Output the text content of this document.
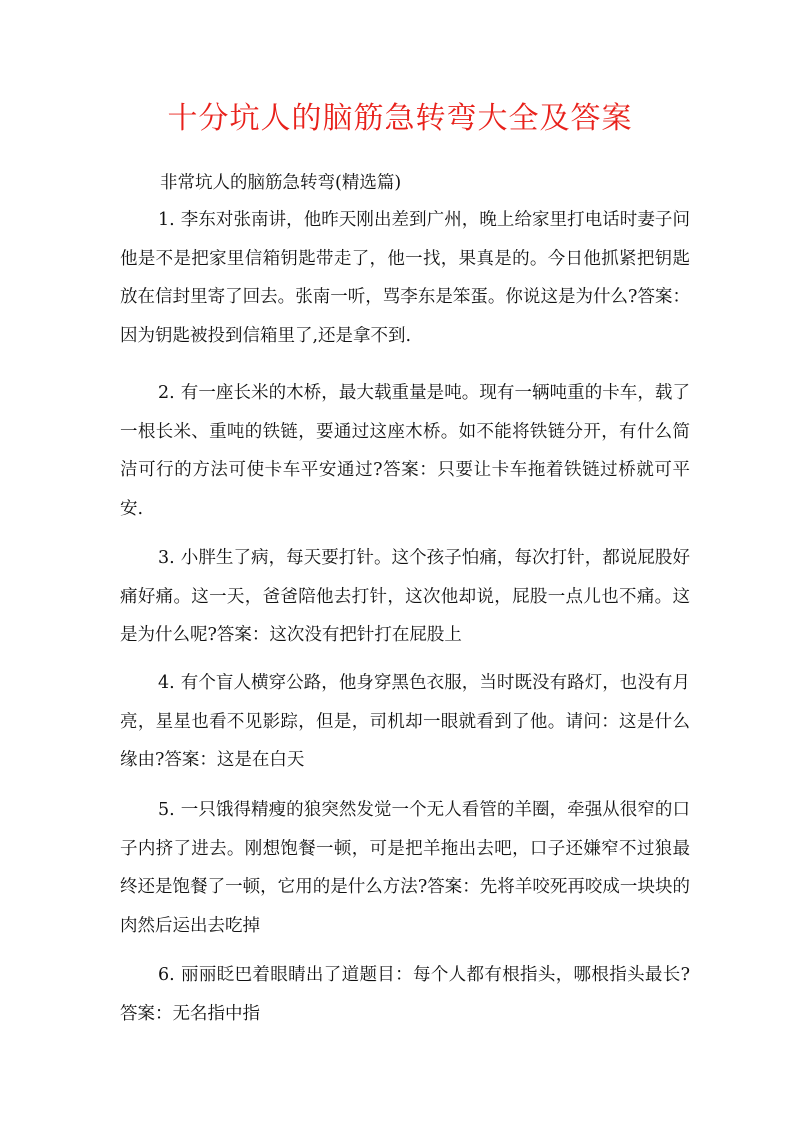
十分坑人的脑筋急转弯大全及答案

非常坑人的脑筋急转弯(精选篇)

1. 李东对张南讲，他昨天刚出差到广州，晚上给家里打电话时妻子问他是不是把家里信箱钥匙带走了，他一找，果真是的。今日他抓紧把钥匙放在信封里寄了回去。张南一听，骂李东是笨蛋。你说这是为什么?答案：因为钥匙被投到信箱里了,还是拿不到.

2. 有一座长米的木桥，最大载重量是吨。现有一辆吨重的卡车，载了一根长米、重吨的铁链，要通过这座木桥。如不能将铁链分开，有什么简洁可行的方法可使卡车平安通过?答案：只要让卡车拖着铁链过桥就可平安.

3. 小胖生了病，每天要打针。这个孩子怕痛，每次打针，都说屁股好痛好痛。这一天，爸爸陪他去打针，这次他却说，屁股一点儿也不痛。这是为什么呢?答案：这次没有把针打在屁股上

4. 有个盲人横穿公路，他身穿黑色衣服，当时既没有路灯，也没有月亮，星星也看不见影踪，但是，司机却一眼就看到了他。请问：这是什么缘由?答案：这是在白天

5. 一只饿得精瘦的狼突然发觉一个无人看管的羊圈，牵强从很窄的口子内挤了进去。刚想饱餐一顿，可是把羊拖出去吧，口子还嫌窄不过狼最终还是饱餐了一顿，它用的是什么方法?答案：先将羊咬死再咬成一块块的肉然后运出去吃掉

6. 丽丽眨巴着眼睛出了道题目：每个人都有根指头，哪根指头最长?答案：无名指中指
